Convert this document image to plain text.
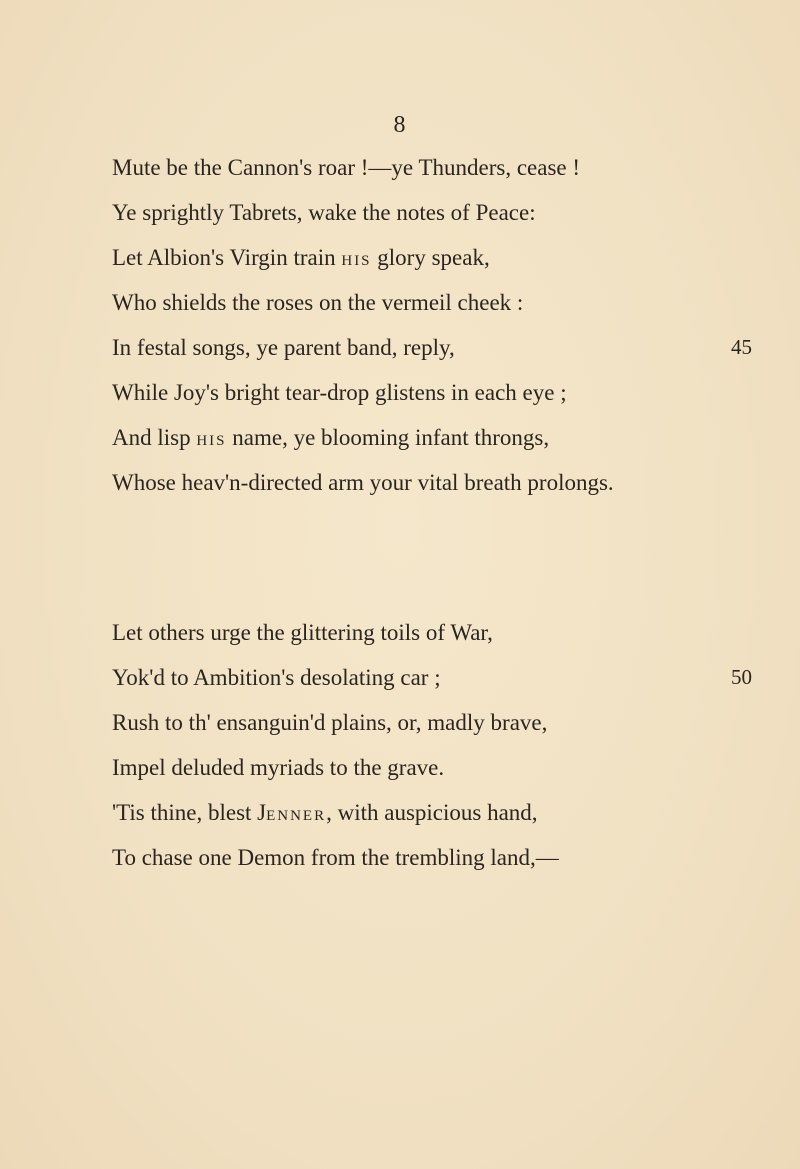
8
Mute be the Cannon's roar !—ye Thunders, cease !
Ye sprightly Tabrets, wake the notes of Peace:
Let Albion's Virgin train HIS glory speak,
Who shields the roses on the vermeil cheek :
In festal songs, ye parent band, reply,	45
While Joy's bright tear-drop glistens in each eye ;
And lisp HIS name, ye blooming infant throngs,
Whose heav'n-directed arm your vital breath prolongs.
Let others urge the glittering toils of War,
Yok'd to Ambition's desolating car ;	50
Rush to th' ensanguin'd plains, or, madly brave,
Impel deluded myriads to the grave.
'Tis thine, blest JENNER, with auspicious hand,
To chase one Demon from the trembling land,—
